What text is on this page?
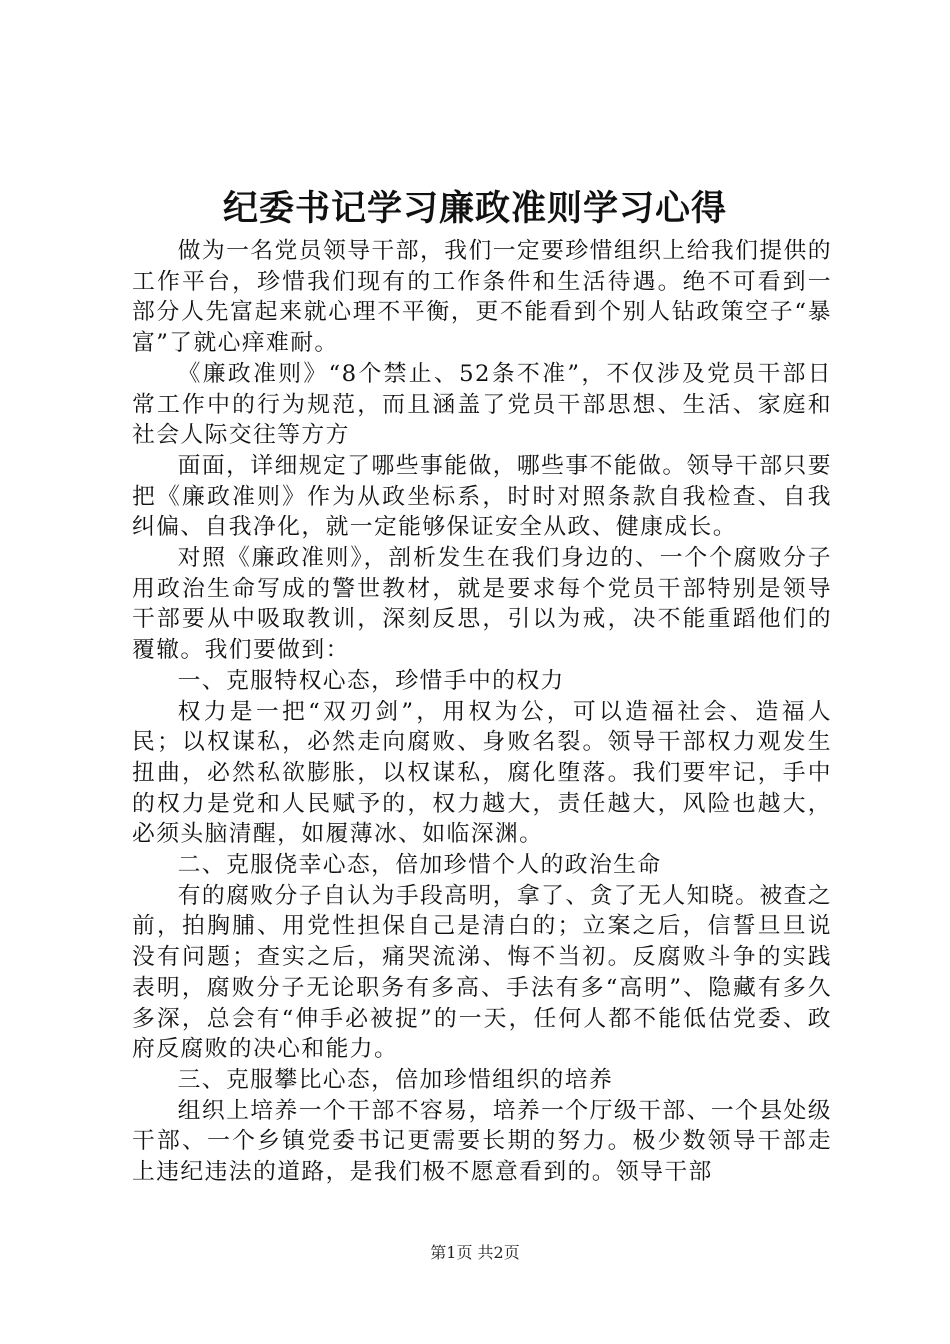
纪委书记学习廉政准则学习心得

做为一名党员领导干部，我们一定要珍惜组织上给我们提供的工作平台，珍惜我们现有的工作条件和生活待遇。绝不可看到一部分人先富起来就心理不平衡，更不能看到个别人钻政策空子“暴富”了就心痒难耐。

《廉政准则》“8个禁止、52条不准”，不仅涉及党员干部日常工作中的行为规范，而且涵盖了党员干部思想、生活、家庭和社会人际交往等方方

面面，详细规定了哪些事能做，哪些事不能做。领导干部只要把《廉政准则》作为从政坐标系，时时对照条款自我检查、自我纠偏、自我净化，就一定能够保证安全从政、健康成长。

对照《廉政准则》，剖析发生在我们身边的、一个个腐败分子用政治生命写成的警世教材，就是要求每个党员干部特别是领导干部要从中吸取教训，深刻反思，引以为戒，决不能重蹈他们的覆辙。我们要做到：

一、克服特权心态，珍惜手中的权力

权力是一把“双刃剑”，用权为公，可以造福社会、造福人民；以权谋私，必然走向腐败、身败名裂。领导干部权力观发生扭曲，必然私欲膨胀，以权谋私，腐化堕落。我们要牢记，手中的权力是党和人民赋予的，权力越大，责任越大，风险也越大，必须头脑清醒，如履薄冰、如临深渊。

二、克服侥幸心态，倍加珍惜个人的政治生命

有的腐败分子自认为手段高明，拿了、贪了无人知晓。被查之前，拍胸脯、用党性担保自己是清白的；立案之后，信誓旦旦说没有问题；查实之后，痛哭流涕、悔不当初。反腐败斗争的实践表明，腐败分子无论职务有多高、手法有多“高明”、隐藏有多久多深，总会有“伸手必被捉”的一天，任何人都不能低估党委、政府反腐败的决心和能力。

三、克服攀比心态，倍加珍惜组织的培养

组织上培养一个干部不容易，培养一个厅级干部、一个县处级干部、一个乡镇党委书记更需要长期的努力。极少数领导干部走上违纪违法的道路，是我们极不愿意看到的。领导干部

第1页 共2页
